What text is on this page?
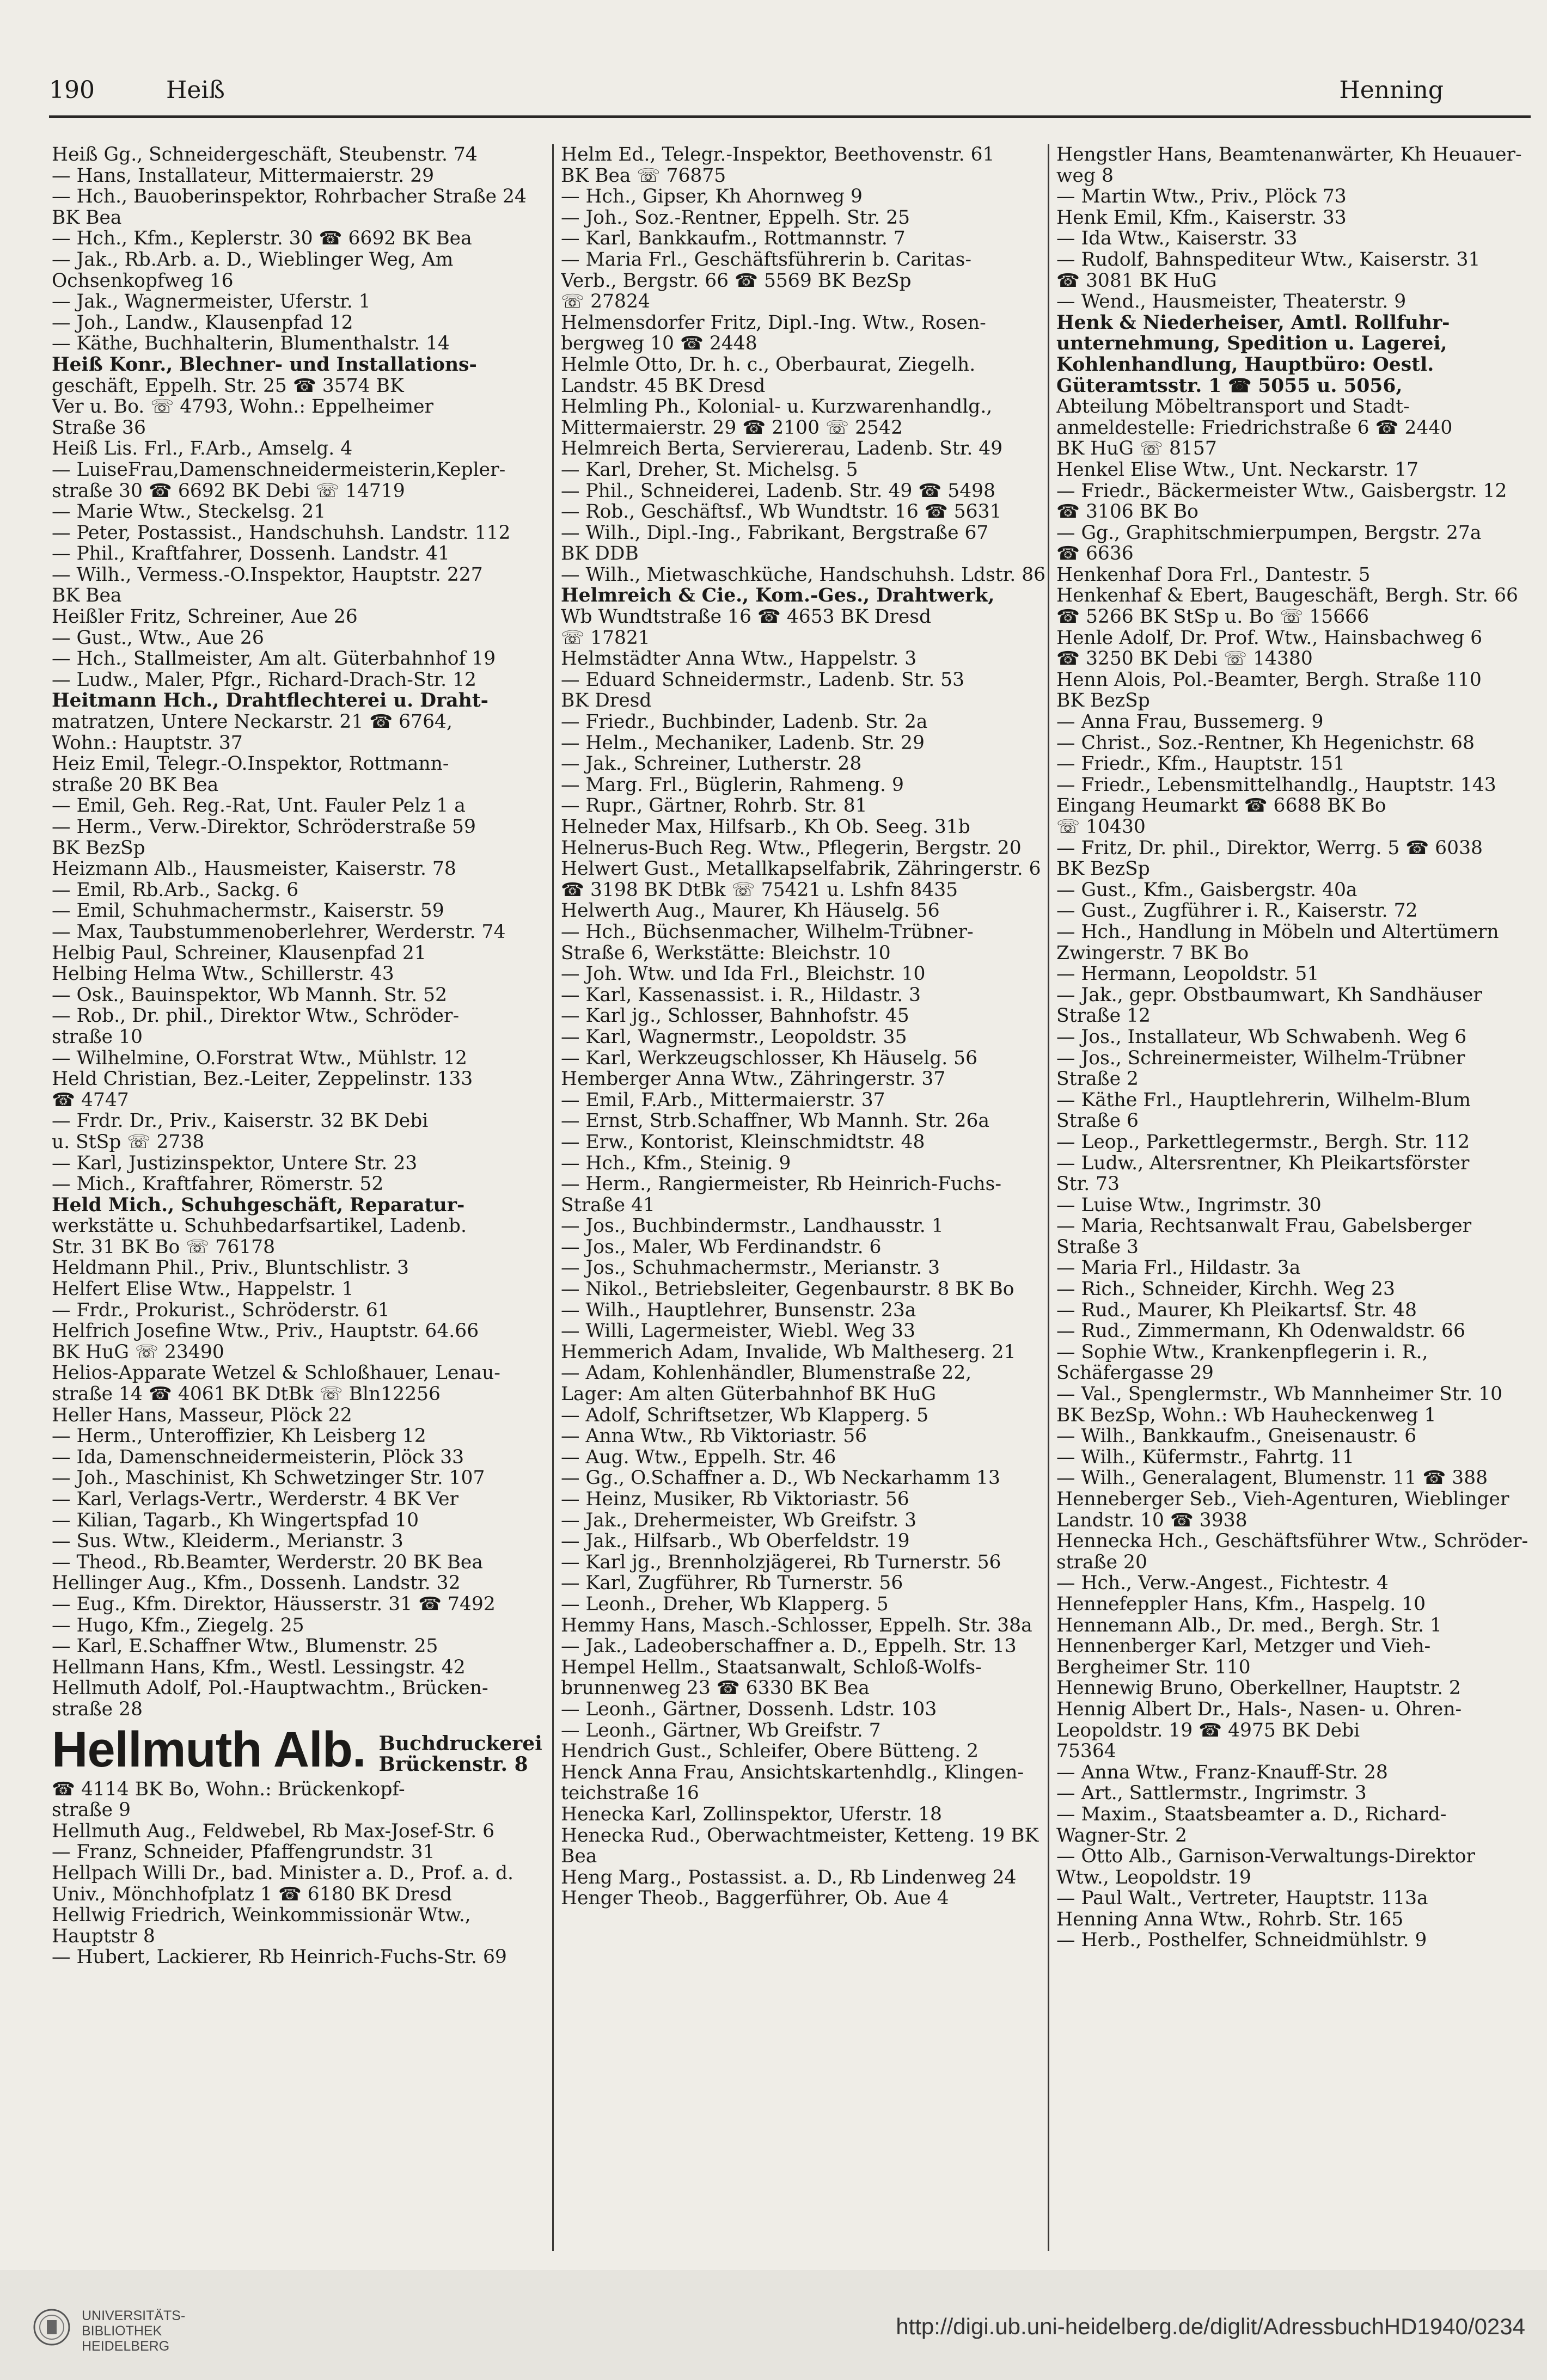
190	Heiß	Henning
Heiß Gg., Schneidergeschäft, Steubenstr. 74
— Hans, Installateur, Mittermaierstr. 29
— Hch., Bauoberinspektor, Rohrbacher Straße 24
BK Bea
— Hch., Kfm., Keplerstr. 30 ☎ 6692 BK Bea
— Jak., Rb.Arb. a. D., Wieblinger Weg, Am
Ochsenkopfweg 16
— Jak., Wagnermeister, Uferstr. 1
— Joh., Landw., Klausenpfad 12
— Käthe, Buchhalterin, Blumenthalstr. 14
Heiß Konr., Blechner- und Installations-
geschäft, Eppelh. Str. 25 ☎ 3574 BK
Ver u. Bo. ☏ 4793, Wohn.: Eppelheimer
Straße 36
Heiß Lis. Frl., F.Arb., Amselg. 4
— LuiseFrau,Damenschneidermeisterin,Kepler-
straße 30 ☎ 6692 BK Debi ☏ 14719
— Marie Wtw., Steckelsg. 21
— Peter, Postassist., Handschuhsh. Landstr. 112
— Phil., Kraftfahrer, Dossenh. Landstr. 41
— Wilh., Vermess.-O.Inspektor, Hauptstr. 227
BK Bea
Heißler Fritz, Schreiner, Aue 26
— Gust., Wtw., Aue 26
— Hch., Stallmeister, Am alt. Güterbahnhof 19
— Ludw., Maler, Pfgr., Richard-Drach-Str. 12
Heitmann Hch., Drahtflechterei u. Draht-
matratzen, Untere Neckarstr. 21 ☎ 6764,
Wohn.: Hauptstr. 37
Heiz Emil, Telegr.-O.Inspektor, Rottmann-
straße 20 BK Bea
— Emil, Geh. Reg.-Rat, Unt. Fauler Pelz 1 a
— Herm., Verw.-Direktor, Schröderstraße 59
BK BezSp
Heizmann Alb., Hausmeister, Kaiserstr. 78
— Emil, Rb.Arb., Sackg. 6
— Emil, Schuhmachermstr., Kaiserstr. 59
— Max, Taubstummenoberlehrer, Werderstr. 74
Helbig Paul, Schreiner, Klausenpfad 21
Helbing Helma Wtw., Schillerstr. 43
— Osk., Bauinspektor, Wb Mannh. Str. 52
— Rob., Dr. phil., Direktor Wtw., Schröder-
straße 10
— Wilhelmine, O.Forstrat Wtw., Mühlstr. 12
Held Christian, Bez.-Leiter, Zeppelinstr. 133
☎ 4747
— Frdr. Dr., Priv., Kaiserstr. 32 BK Debi
u. StSp ☏ 2738
— Karl, Justizinspektor, Untere Str. 23
— Mich., Kraftfahrer, Römerstr. 52
Held Mich., Schuhgeschäft, Reparatur-
werkstätte u. Schuhbedarfsartikel, Ladenb.
Str. 31 BK Bo ☏ 76178
Heldmann Phil., Priv., Bluntschlistr. 3
Helfert Elise Wtw., Happelstr. 1
— Frdr., Prokurist., Schröderstr. 61
Helfrich Josefine Wtw., Priv., Hauptstr. 64.66
BK HuG ☏ 23490
Helios-Apparate Wetzel & Schloßhauer, Lenau-
straße 14 ☎ 4061 BK DtBk ☏ Bln12256
Heller Hans, Masseur, Plöck 22
— Herm., Unteroffizier, Kh Leisberg 12
— Ida, Damenschneidermeisterin, Plöck 33
— Joh., Maschinist, Kh Schwetzinger Str. 107
— Karl, Verlags-Vertr., Werderstr. 4 BK Ver
— Kilian, Tagarb., Kh Wingertspfad 10
— Sus. Wtw., Kleiderm., Merianstr. 3
— Theod., Rb.Beamter, Werderstr. 20 BK Bea
Hellinger Aug., Kfm., Dossenh. Landstr. 32
— Eug., Kfm. Direktor, Häusserstr. 31 ☎ 7492
— Hugo, Kfm., Ziegelg. 25
— Karl, E.Schaffner Wtw., Blumenstr. 25
Hellmann Hans, Kfm., Westl. Lessingstr. 42
Hellmuth Adolf, Pol.-Hauptwachtm., Brücken-
straße 28
Hellmuth Alb. Buchdruckerei
Brückenstr. 8
☎ 4114 BK Bo, Wohn.: Brückenkopf-
straße 9
Hellmuth Aug., Feldwebel, Rb Max-Josef-Str. 6
— Franz, Schneider, Pfaffengrundstr. 31
Hellpach Willi Dr., bad. Minister a. D., Prof. a. d.
Univ., Mönchhofplatz 1 ☎ 6180 BK Dresd
Hellwig Friedrich, Weinkommissionär Wtw.,
Hauptstr 8
— Hubert, Lackierer, Rb Heinrich-Fuchs-Str. 69
Helm Ed., Telegr.-Inspektor, Beethovenstr. 61
BK Bea ☏ 76875
— Hch., Gipser, Kh Ahornweg 9
— Joh., Soz.-Rentner, Eppelh. Str. 25
— Karl, Bankkaufm., Rottmannstr. 7
— Maria Frl., Geschäftsführerin b. Caritas-
Verb., Bergstr. 66 ☎ 5569 BK BezSp
☏ 27824
Helmensdorfer Fritz, Dipl.-Ing. Wtw., Rosen-
bergweg 10 ☎ 2448
Helmle Otto, Dr. h. c., Oberbaurat, Ziegelh.
Landstr. 45 BK Dresd
Helmling Ph., Kolonial- u. Kurzwarenhandlg.,
Mittermaierstr. 29 ☎ 2100 ☏ 2542
Helmreich Berta, Serviererau, Ladenb. Str. 49
— Karl, Dreher, St. Michelsg. 5
— Phil., Schneiderei, Ladenb. Str. 49 ☎ 5498
— Rob., Geschäftsf., Wb Wundtstr. 16 ☎ 5631
— Wilh., Dipl.-Ing., Fabrikant, Bergstraße 67
BK DDB
— Wilh., Mietwaschküche, Handschuhsh. Ldstr. 86
Helmreich & Cie., Kom.-Ges., Drahtwerk,
Wb Wundtstraße 16 ☎ 4653 BK Dresd
☏ 17821
Helmstädter Anna Wtw., Happelstr. 3
— Eduard Schneidermstr., Ladenb. Str. 53
BK Dresd
— Friedr., Buchbinder, Ladenb. Str. 2a
— Helm., Mechaniker, Ladenb. Str. 29
— Jak., Schreiner, Lutherstr. 28
— Marg. Frl., Büglerin, Rahmeng. 9
— Rupr., Gärtner, Rohrb. Str. 81
Helneder Max, Hilfsarb., Kh Ob. Seeg. 31b
Helnerus-Buch Reg. Wtw., Pflegerin, Bergstr. 20
Helwert Gust., Metallkapselfabrik, Zähringerstr. 6
☎ 3198 BK DtBk ☏ 75421 u. Lshfn 8435
Helwerth Aug., Maurer, Kh Häuselg. 56
— Hch., Büchsenmacher, Wilhelm-Trübner-
Straße 6, Werkstätte: Bleichstr. 10
— Joh. Wtw. und Ida Frl., Bleichstr. 10
— Karl, Kassenassist. i. R., Hildastr. 3
— Karl jg., Schlosser, Bahnhofstr. 45
— Karl, Wagnermstr., Leopoldstr. 35
— Karl, Werkzeugschlosser, Kh Häuselg. 56
Hemberger Anna Wtw., Zähringerstr. 37
— Emil, F.Arb., Mittermaierstr. 37
— Ernst, Strb.Schaffner, Wb Mannh. Str. 26a
— Erw., Kontorist, Kleinschmidtstr. 48
— Hch., Kfm., Steinig. 9
— Herm., Rangiermeister, Rb Heinrich-Fuchs-
Straße 41
— Jos., Buchbindermstr., Landhausstr. 1
— Jos., Maler, Wb Ferdinandstr. 6
— Jos., Schuhmachermstr., Merianstr. 3
— Nikol., Betriebsleiter, Gegenbaurstr. 8 BK Bo
— Wilh., Hauptlehrer, Bunsenstr. 23a
— Willi, Lagermeister, Wiebl. Weg 33
Hemmerich Adam, Invalide, Wb Maltheserg. 21
— Adam, Kohlenhändler, Blumenstraße 22,
Lager: Am alten Güterbahnhof BK HuG
— Adolf, Schriftsetzer, Wb Klapperg. 5
— Anna Wtw., Rb Viktoriastr. 56
— Aug. Wtw., Eppelh. Str. 46
— Gg., O.Schaffner a. D., Wb Neckarhamm 13
— Heinz, Musiker, Rb Viktoriastr. 56
— Jak., Drehermeister, Wb Greifstr. 3
— Jak., Hilfsarb., Wb Oberfeldstr. 19
— Karl jg., Brennholzjägerei, Rb Turnerstr. 56
— Karl, Zugführer, Rb Turnerstr. 56
— Leonh., Dreher, Wb Klapperg. 5
Hemmy Hans, Masch.-Schlosser, Eppelh. Str. 38a
— Jak., Ladeoberschaffner a. D., Eppelh. Str. 13
Hempel Hellm., Staatsanwalt, Schloß-Wolfs-
brunnenweg 23 ☎ 6330 BK Bea
— Leonh., Gärtner, Dossenh. Ldstr. 103
— Leonh., Gärtner, Wb Greifstr. 7
Hendrich Gust., Schleifer, Obere Bütteng. 2
Henck Anna Frau, Ansichtskartenhdlg., Klingen-
teichstraße 16
Henecka Karl, Zollinspektor, Uferstr. 18
Henecka Rud., Oberwachtmeister, Ketteng. 19 BK
Bea
Heng Marg., Postassist. a. D., Rb Lindenweg 24
Henger Theob., Baggerführer, Ob. Aue 4
Hengstler Hans, Beamtenanwärter, Kh Heuauer-
weg 8
— Martin Wtw., Priv., Plöck 73
Henk Emil, Kfm., Kaiserstr. 33
— Ida Wtw., Kaiserstr. 33
— Rudolf, Bahnspediteur Wtw., Kaiserstr. 31
☎ 3081 BK HuG
— Wend., Hausmeister, Theaterstr. 9
Henk & Niederheiser, Amtl. Rollfuhr-
unternehmung, Spedition u. Lagerei,
Kohlenhandlung, Hauptbüro: Oestl.
Güteramtsstr. 1 ☎ 5055 u. 5056,
Abteilung Möbeltransport und Stadt-
anmeldestelle: Friedrichstraße 6 ☎ 2440
BK HuG ☏ 8157
Henkel Elise Wtw., Unt. Neckarstr. 17
— Friedr., Bäckermeister Wtw., Gaisbergstr. 12
☎ 3106 BK Bo
— Gg., Graphitschmierpumpen, Bergstr. 27a
☎ 6636
Henkenhaf Dora Frl., Dantestr. 5
Henkenhaf & Ebert, Baugeschäft, Bergh. Str. 66
☎ 5266 BK StSp u. Bo ☏ 15666
Henle Adolf, Dr. Prof. Wtw., Hainsbachweg 6
☎ 3250 BK Debi ☏ 14380
Henn Alois, Pol.-Beamter, Bergh. Straße 110
BK BezSp
— Anna Frau, Bussemerg. 9
— Christ., Soz.-Rentner, Kh Hegenichstr. 68
— Friedr., Kfm., Hauptstr. 151
— Friedr., Lebensmittelhandlg., Hauptstr. 143
Eingang Heumarkt ☎ 6688 BK Bo
☏ 10430
— Fritz, Dr. phil., Direktor, Werrg. 5 ☎ 6038
BK BezSp
— Gust., Kfm., Gaisbergstr. 40a
— Gust., Zugführer i. R., Kaiserstr. 72
— Hch., Handlung in Möbeln und Altertümern
Zwingerstr. 7 BK Bo
— Hermann, Leopoldstr. 51
— Jak., gepr. Obstbaumwart, Kh Sandhäuser
Straße 12
— Jos., Installateur, Wb Schwabenh. Weg 6
— Jos., Schreinermeister, Wilhelm-Trübner
Straße 2
— Käthe Frl., Hauptlehrerin, Wilhelm-Blum
Straße 6
— Leop., Parkettlegermstr., Bergh. Str. 112
— Ludw., Altersrentner, Kh Pleikartsförster
Str. 73
— Luise Wtw., Ingrimstr. 30
— Maria, Rechtsanwalt Frau, Gabelsberger
Straße 3
— Maria Frl., Hildastr. 3a
— Rich., Schneider, Kirchh. Weg 23
— Rud., Maurer, Kh Pleikartsf. Str. 48
— Rud., Zimmermann, Kh Odenwaldstr. 66
— Sophie Wtw., Krankenpflegerin i. R.,
Schäfergasse 29
— Val., Spenglermstr., Wb Mannheimer Str. 10
BK BezSp, Wohn.: Wb Hauheckenweg 1
— Wilh., Bankkaufm., Gneisenaustr. 6
— Wilh., Küfermstr., Fahrtg. 11
— Wilh., Generalagent, Blumenstr. 11 ☎ 388
Henneberger Seb., Vieh-Agenturen, Wieblinger
Landstr. 10 ☎ 3938
Hennecka Hch., Geschäftsführer Wtw., Schröder-
straße 20
— Hch., Verw.-Angest., Fichtestr. 4
Hennefeppler Hans, Kfm., Haspelg. 10
Hennemann Alb., Dr. med., Bergh. Str. 1
Hennenberger Karl, Metzger und Vieh-
Bergheimer Str. 110
Hennewig Bruno, Oberkellner, Hauptstr. 2
Hennig Albert Dr., Hals-, Nasen- u. Ohren-
Leopoldstr. 19 ☎ 4975 BK Debi
75364
— Anna Wtw., Franz-Knauff-Str. 28
— Art., Sattlermstr., Ingrimstr. 3
— Maxim., Staatsbeamter a. D., Richard-
Wagner-Str. 2
— Otto Alb., Garnison-Verwaltungs-Direktor
Wtw., Leopoldstr. 19
— Paul Walt., Vertreter, Hauptstr. 113a
Henning Anna Wtw., Rohrb. Str. 165
— Herb., Posthelfer, Schneidmühlstr. 9
UNIVERSITÄTS-
BIBLIOTHEK
HEIDELBERG
http://digi.ub.uni-heidelberg.de/diglit/AdressbuchHD1940/0234
